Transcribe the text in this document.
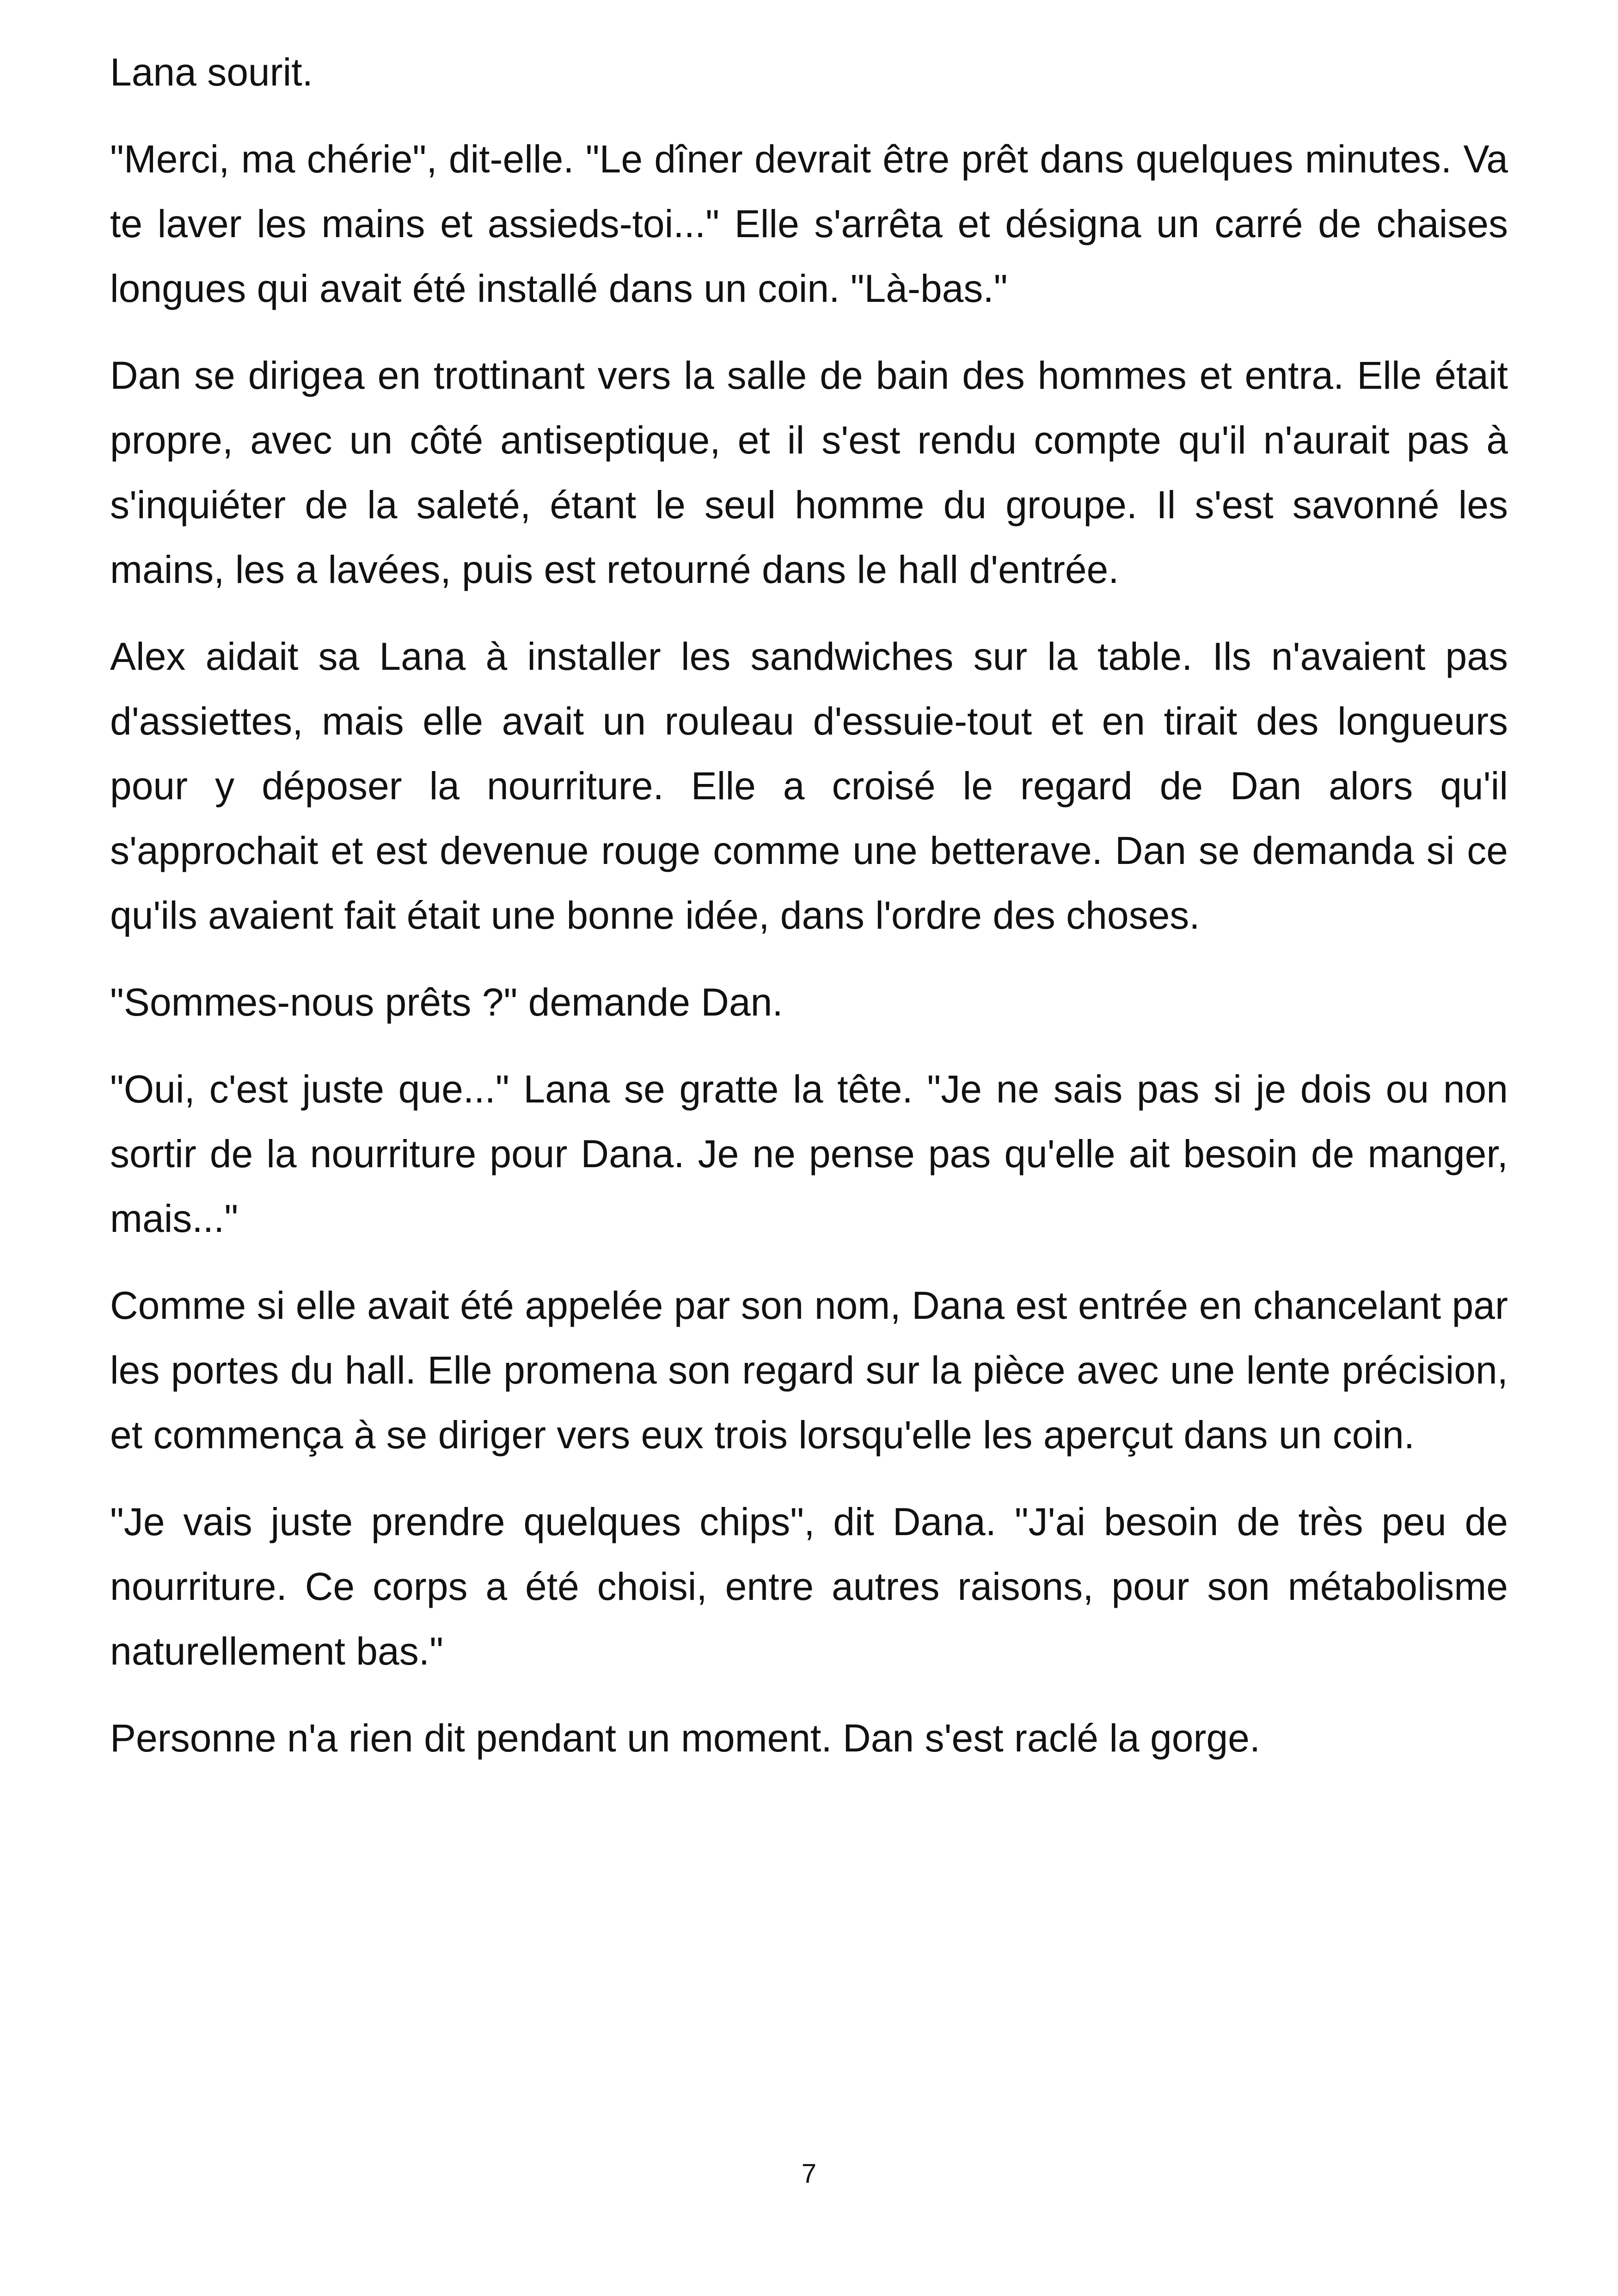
Lana sourit.

"Merci, ma chérie", dit-elle. "Le dîner devrait être prêt dans quelques minutes. Va te laver les mains et assieds-toi..." Elle s'arrêta et désigna un carré de chaises longues qui avait été installé dans un coin. "Là-bas."

Dan se dirigea en trottinant vers la salle de bain des hommes et entra. Elle était propre, avec un côté antiseptique, et il s'est rendu compte qu'il n'aurait pas à s'inquiéter de la saleté, étant le seul homme du groupe. Il s'est savonné les mains, les a lavées, puis est retourné dans le hall d'entrée.

Alex aidait sa Lana à installer les sandwiches sur la table. Ils n'avaient pas d'assiettes, mais elle avait un rouleau d'essuie-tout et en tirait des longueurs pour y déposer la nourriture. Elle a croisé le regard de Dan alors qu'il s'approchait et est devenue rouge comme une betterave. Dan se demanda si ce qu'ils avaient fait était une bonne idée, dans l'ordre des choses.

"Sommes-nous prêts ?" demande Dan.

"Oui, c'est juste que..." Lana se gratte la tête. "Je ne sais pas si je dois ou non sortir de la nourriture pour Dana. Je ne pense pas qu'elle ait besoin de manger, mais..."

Comme si elle avait été appelée par son nom, Dana est entrée en chancelant par les portes du hall. Elle promena son regard sur la pièce avec une lente précision, et commença à se diriger vers eux trois lorsqu'elle les aperçut dans un coin.

"Je vais juste prendre quelques chips", dit Dana. "J'ai besoin de très peu de nourriture. Ce corps a été choisi, entre autres raisons, pour son métabolisme naturellement bas."

Personne n'a rien dit pendant un moment. Dan s'est raclé la gorge.

7
